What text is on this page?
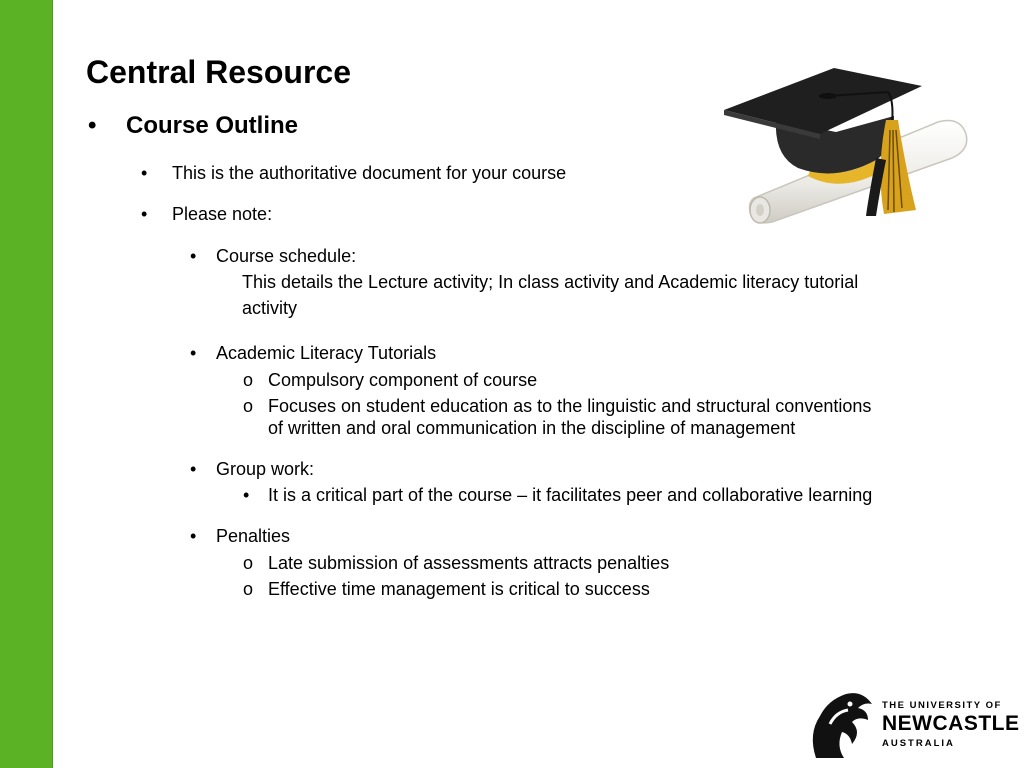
Central Resource
• Course Outline
• This is the authoritative document for your course
• Please note:
• Course schedule:
This details the Lecture activity; In class activity and Academic literacy tutorial
activity
• Academic Literacy Tutorials
o Compulsory component of course
o Focuses on student education as to the linguistic and structural conventions
of written and oral communication in the discipline of management
• Group work:
• It is a critical part of the course – it facilitates peer and collaborative learning
• Penalties
o Late submission of assessments attracts penalties
o Effective time management is critical to success
THE UNIVERSITY OF
NEWCASTLE
AUSTRALIA
